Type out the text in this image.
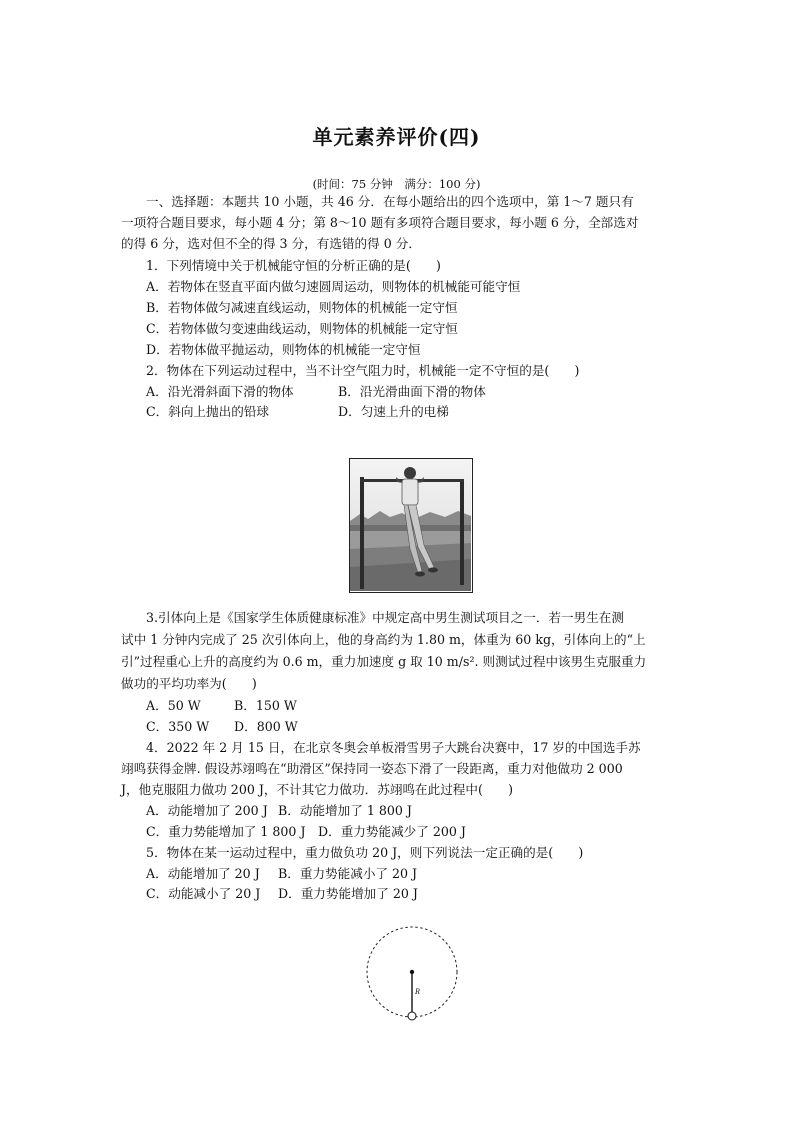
单元素养评价(四)
(时间：75 分钟　满分：100 分)
一、选择题：本题共 10 小题，共 46 分．在每小题给出的四个选项中，第 1～7 题只有
一项符合题目要求，每小题 4 分；第 8～10 题有多项符合题目要求，每小题 6 分，全部选对
的得 6 分，选对但不全的得 3 分，有选错的得 0 分．
1．下列情境中关于机械能守恒的分析正确的是(　　)
A．若物体在竖直平面内做匀速圆周运动，则物体的机械能可能守恒
B．若物体做匀减速直线运动，则物体的机械能一定守恒
C．若物体做匀变速曲线运动，则物体的机械能一定守恒
D．若物体做平抛运动，则物体的机械能一定守恒
2．物体在下列运动过程中，当不计空气阻力时，机械能一定不守恒的是(　　)
A．沿光滑斜面下滑的物体	B．沿光滑曲面下滑的物体
C．斜向上抛出的铅球	D．匀速上升的电梯
3.引体向上是《国家学生体质健康标准》中规定高中男生测试项目之一．若一男生在测
试中 1 分钟内完成了 25 次引体向上，他的身高约为 1.80 m，体重为 60 kg，引体向上的“上
引”过程重心上升的高度约为 0.6 m，重力加速度 g 取 10 m/s². 则测试过程中该男生克服重力
做功的平均功率为(　　)
A．50 W	B．150 W
C．350 W D．800 W
4．2022 年 2 月 15 日，在北京冬奥会单板滑雪男子大跳台决赛中，17 岁的中国选手苏
翊鸣获得金牌. 假设苏翊鸣在“助滑区”保持同一姿态下滑了一段距离，重力对他做功 2 000
J，他克服阻力做功 200 J，不计其它力做功．苏翊鸣在此过程中(　　)
A．动能增加了 200 J B．动能增加了 1 800 J
C．重力势能增加了 1 800 J D．重力势能减少了 200 J
5．物体在某一运动过程中，重力做负功 20 J，则下列说法一定正确的是(　　)
A．动能增加了 20 J B．重力势能减小了 20 J
C．动能减小了 20 J D．重力势能增加了 20 J
R
